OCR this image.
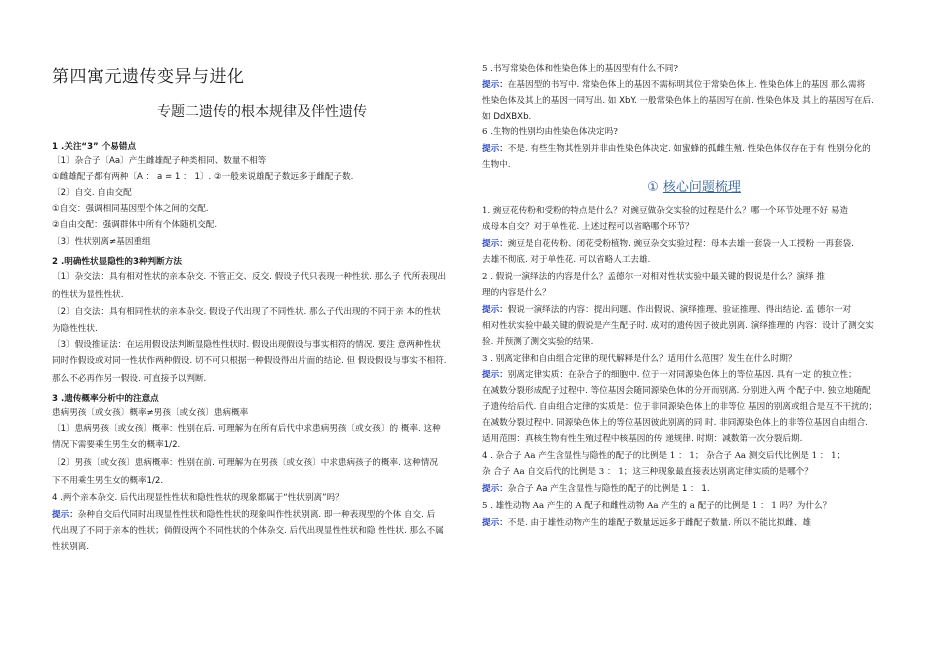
第四寓元遗传变异与进化
专题二遗传的根本规律及伴性遗传
1 .关注“3” 个易错点
〔1〕杂合子〔Aa〕产生雌雄配子种类相同、数量不相等
①雌雄配子都有两种〔A ： a = 1 ： 1〕. ②一般来说雄配子数远多于雌配子数.
〔2〕自交. 自由交配
①自交：强调相同基因型个体之间的交配.
②自由交配：强调群体中所有个体随机交配.
〔3〕性状别离≠基因重组
2 .明确性状显隐性的3种判断方法
〔1〕杂交法：具有相对性状的亲本杂交. 不管正交、反交. 假设子代只表现一种性状. 那么子 代所表现出
的性状为显性性状.
〔2〕自交法：具有相同性状的亲本杂交. 假设子代出现了不同性状. 那么子代出现的不同于亲 本的性状
为隐性性状.
〔3〕假设推证法：在运用假设法判断显隐性性状时. 假设出现假设与事实相符的情况. 要注 意两种性状
同时作假设或对同一性状作两种假设. 切不可只根据一种假设得出片面的结论. 但 假设假设与事实不相符.
那么不必再作另一假设. 可直接予以判断.
3 .遗传概率分析中的注意点
患病男孩〔或女孩〕概率≠男孩〔或女孩〕患病概率
〔1〕患病男孩〔或女孩〕概率：性别在后. 可理解为在所有后代中求患病男孩〔或女孩〕的 概率. 这种
情况下需要乘生男生女的概率1/2.
〔2〕男孩〔或女孩〕患病概率：性别在前. 可理解为在男孩〔或女孩〕中求患病孩子的概率. 这种情况
下不用乘生男生女的概率1/2.
4 .两个亲本杂交. 后代出现显性性状和隐性性状的现象都属于“性状别离”吗？
提示：杂种自交后代同时出现显性性状和隐性性状的现象叫作性状别离. 即一种表现型的个体 自交. 后
代出现了不同于亲本的性状；倘假设两个不同性状的个体杂交. 后代出现显性性状和隐 性性状. 那么不属
性状别离.
5 .书写常染色体和性染色体上的基因型有什么不同?
提示：在基因型的书写中. 常染色体上的基因不需标明其位于常染色体上. 性染色体上的基因 那么需将
性染色体及其上的基因一同写出. 如 XbY. 一般常染色体上的基因写在前. 性染色体及 其上的基因写在后.
如 DdXBXb.
6 .生物的性别均由性染色体决定吗?
提示：不是. 有些生物其性别并非由性染色体决定. 如蜜蜂的孤雌生殖. 性染色体仅存在于有 性别分化的
生物中.
① 核心问题梳理
1. 豌豆花传粉和受粉的特点是什么？对豌豆做杂交实验的过程是什么？哪一个环节处理不好 易造
成母本自交？对于单性花. 上述过程可以省略哪个环节？
提示：豌豆是自花传粉、闭花受粉植物. 豌豆杂交实验过程：母本去雄一套袋一人工授粉 一再套袋.
去雄不彻底. 对于单性花. 可以省略人工去雄.
2 . 假说一演绎法的内容是什么？孟德尔一对相对性状实验中最关键的假说是什么？演绎 推
理的内容是什么？
提示：假说一演绎法的内容：提出问题、作出假说、演绎推理、验证推理、得出结论. 孟 德尔一对
相对性状实验中最关键的假说是产生配子时. 成对的遗传因子彼此别离. 演绎推理的 内容：设计了测交实
验. 并预测了测交实验的结果.
3 . 别离定律和自由组合定律的现代解释是什么？适用什么范围？发生在什么时期？
提示：别离定律实质：在杂合子的细胞中. 位于一对同源染色体上的等位基因. 具有一定 的独立性；
在减数分裂形成配子过程中. 等位基因会随同源染色体的分开而别离. 分别进入两 个配子中. 独立地随配
子遗传给后代. 自由组合定律的实质是：位于非同源染色体上的非等位 基因的别离或组合是互不干扰的；
在减数分裂过程中. 同源染色体上的等位基因彼此别离的同 时. 非同源染色体上的非等位基因自由组合.
适用范围：真核生物有性生殖过程中核基因的传 递规律. 时期：减数第一次分裂后期.
4 . 杂合子 Aa 产生含显性与隐性的配子的比例是 1 ： 1； 杂合子 Aa 测交后代比例是 1 ： 1；
杂 合子 Aa 自交后代的比例是 3 ： 1；这三种现象最直接表达别离定律实质的是哪个？
提示：杂合子 Aa 产生含显性与隐性的配子的比例是 1 ： 1.
5 . 雄性动物 Aa 产生的 A 配子和雌性动物 Aa 产生的 a 配子的比例是 1 ： 1 吗？为什么？
提示：不是. 由于雄性动物产生的雄配子数量远远多于雌配子数量. 所以不能比拟雌、雄
